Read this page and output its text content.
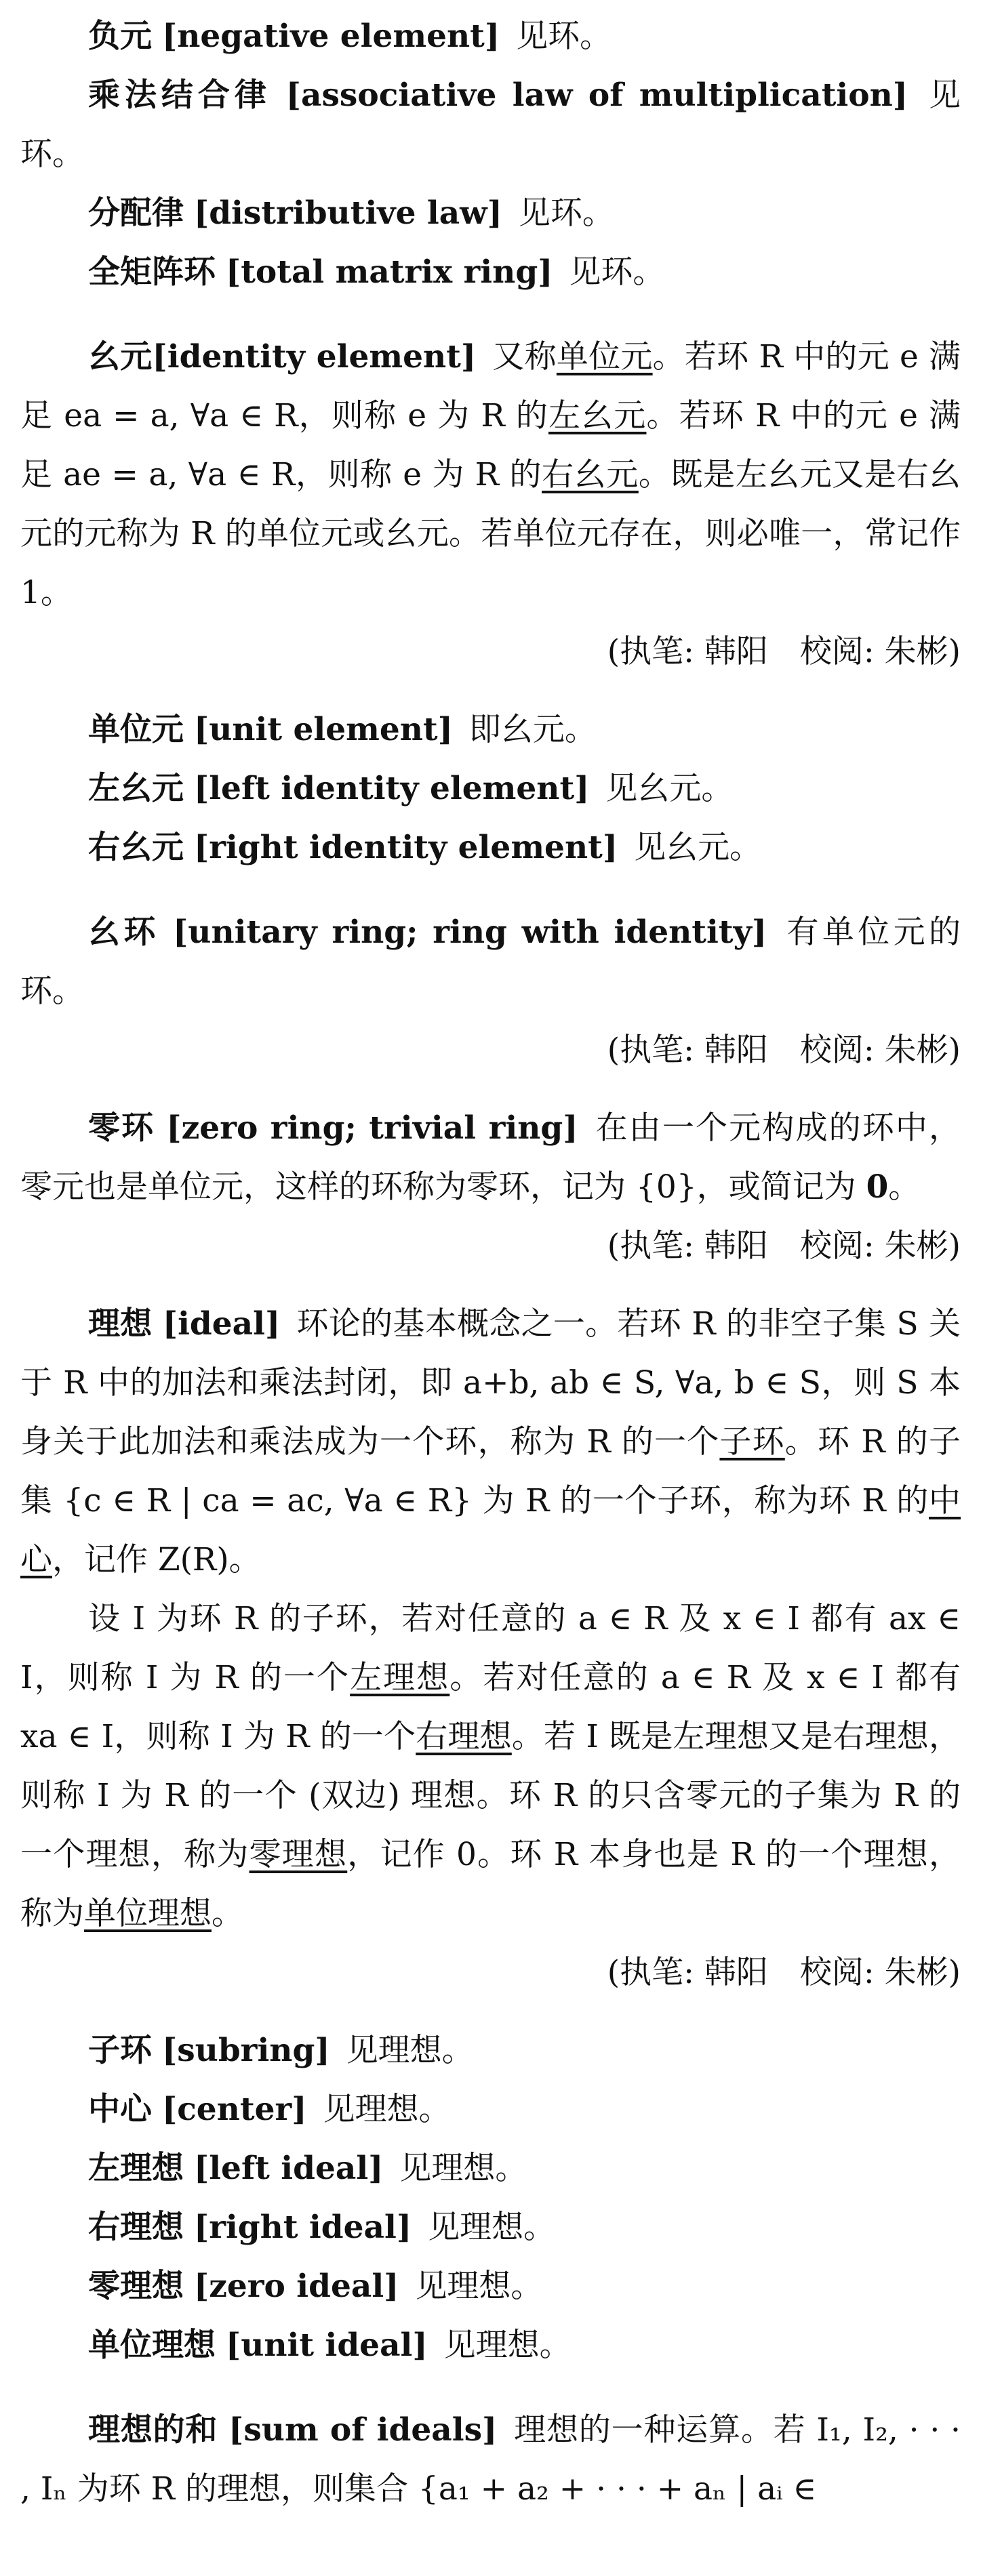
负元 [negative element] 见环。

乘法结合律 [associative law of multiplication] 见环。

分配律 [distributive law] 见环。

全矩阵环 [total matrix ring] 见环。

幺元[identity element] 又称单位元。若环 R 中的元 e 满足 ea = a, ∀a ∈ R，则称 e 为 R 的左幺元。若环 R 中的元 e 满足 ae = a, ∀a ∈ R，则称 e 为 R 的右幺元。既是左幺元又是右幺元的元称为 R 的单位元或幺元。若单位元存在，则必唯一，常记作 1。

(执笔: 韩阳　校阅: 朱彬)

单位元 [unit element] 即幺元。

左幺元 [left identity element] 见幺元。

右幺元 [right identity element] 见幺元。

幺环 [unitary ring; ring with identity] 有单位元的环。

(执笔: 韩阳　校阅: 朱彬)

零环 [zero ring; trivial ring] 在由一个元构成的环中，零元也是单位元，这样的环称为零环，记为 {0}，或简记为 0。

(执笔: 韩阳　校阅: 朱彬)

理想 [ideal] 环论的基本概念之一。若环 R 的非空子集 S 关于 R 中的加法和乘法封闭，即 a+b, ab ∈ S, ∀a, b ∈ S，则 S 本身关于此加法和乘法成为一个环，称为 R 的一个子环。环 R 的子集 {c ∈ R | ca = ac, ∀a ∈ R} 为 R 的一个子环，称为环 R 的中心，记作 Z(R)。

设 I 为环 R 的子环，若对任意的 a ∈ R 及 x ∈ I 都有 ax ∈ I，则称 I 为 R 的一个左理想。若对任意的 a ∈ R 及 x ∈ I 都有 xa ∈ I，则称 I 为 R 的一个右理想。若 I 既是左理想又是右理想，则称 I 为 R 的一个 (双边) 理想。环 R 的只含零元的子集为 R 的一个理想，称为零理想，记作 0。环 R 本身也是 R 的一个理想，称为单位理想。

(执笔: 韩阳　校阅: 朱彬)

子环 [subring] 见理想。

中心 [center] 见理想。

左理想 [left ideal] 见理想。

右理想 [right ideal] 见理想。

零理想 [zero ideal] 见理想。

单位理想 [unit ideal] 见理想。

理想的和 [sum of ideals] 理想的一种运算。若 I₁, I₂, · · · , Iₙ 为环 R 的理想，则集合 {a₁ + a₂ + · · · + aₙ | aᵢ ∈
